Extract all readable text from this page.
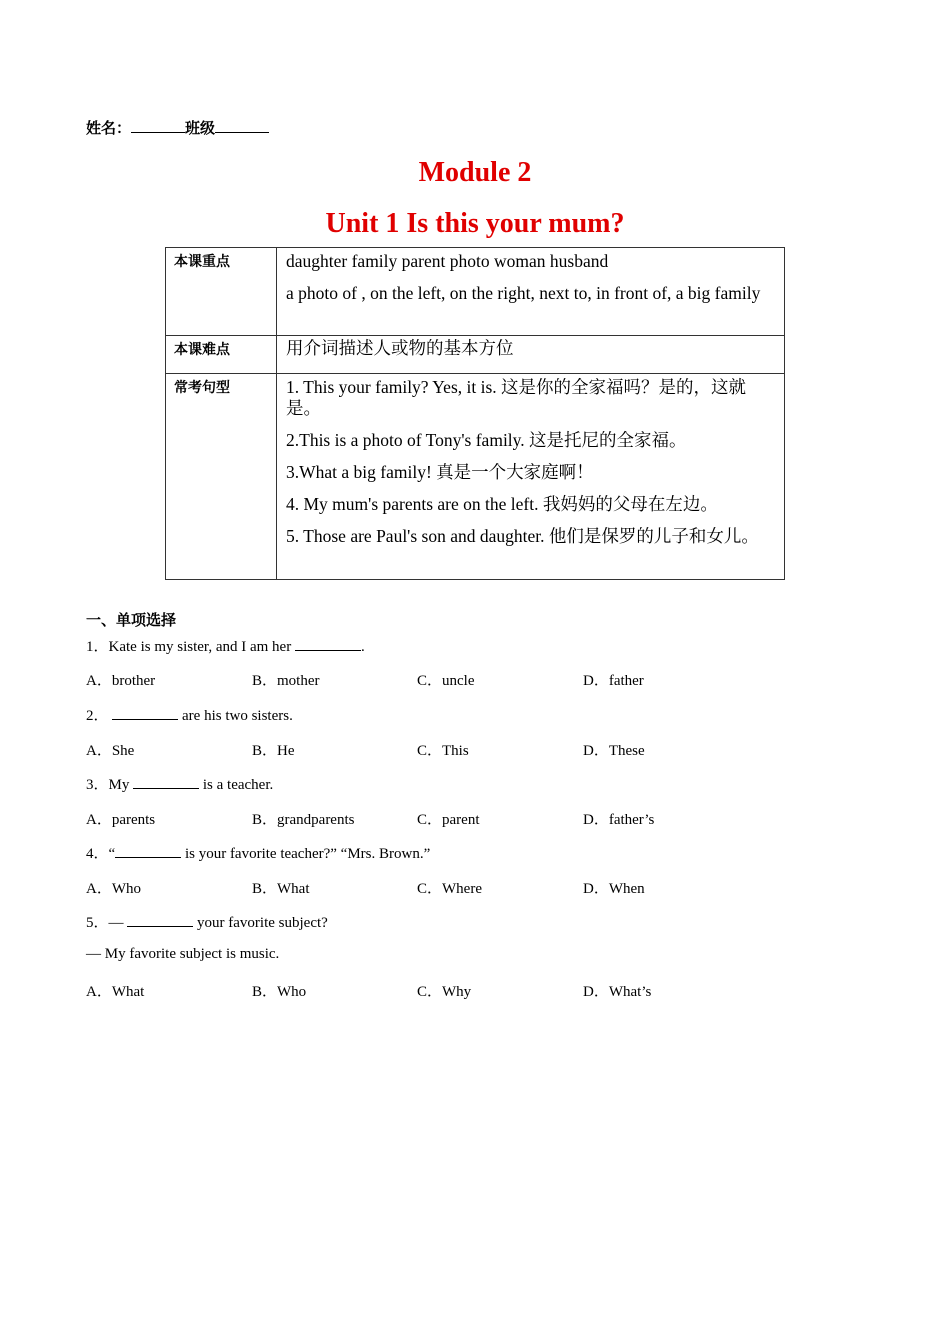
姓名：	班级
Module 2
Unit 1 Is this your mum?
本课重点	daughter family parent photo woman husband

a photo of , on the left, on the right, next to, in front of, a big family

本课难点	用介词描述人或物的基本方位

常考句型	1. This your family? Yes, it is. 这是你的全家福吗？是的，这就是。

2.This is a photo of Tony's family. 这是托尼的全家福。

3.What a big family! 真是一个大家庭啊！

4. My mum's parents are on the left. 我妈妈的父母在左边。

5. Those are Paul's son and daughter. 他们是保罗的儿子和女儿。

一、单项选择
1．Kate is my sister, and I am her	.
A．brother	B．mother	C．uncle	D．father
2．	are his two sisters.
A．She	B．He	C．This	D．These
3．My	is a teacher.
A．parents	B．grandparents	C．parent	D．father’s
4．“	is your favorite teacher?” “Mrs. Brown.”
A．Who	B．What	C．Where	D．When
5．—	your favorite subject?
— My favorite subject is music.
A．What	B．Who	C．Why	D．What’s
